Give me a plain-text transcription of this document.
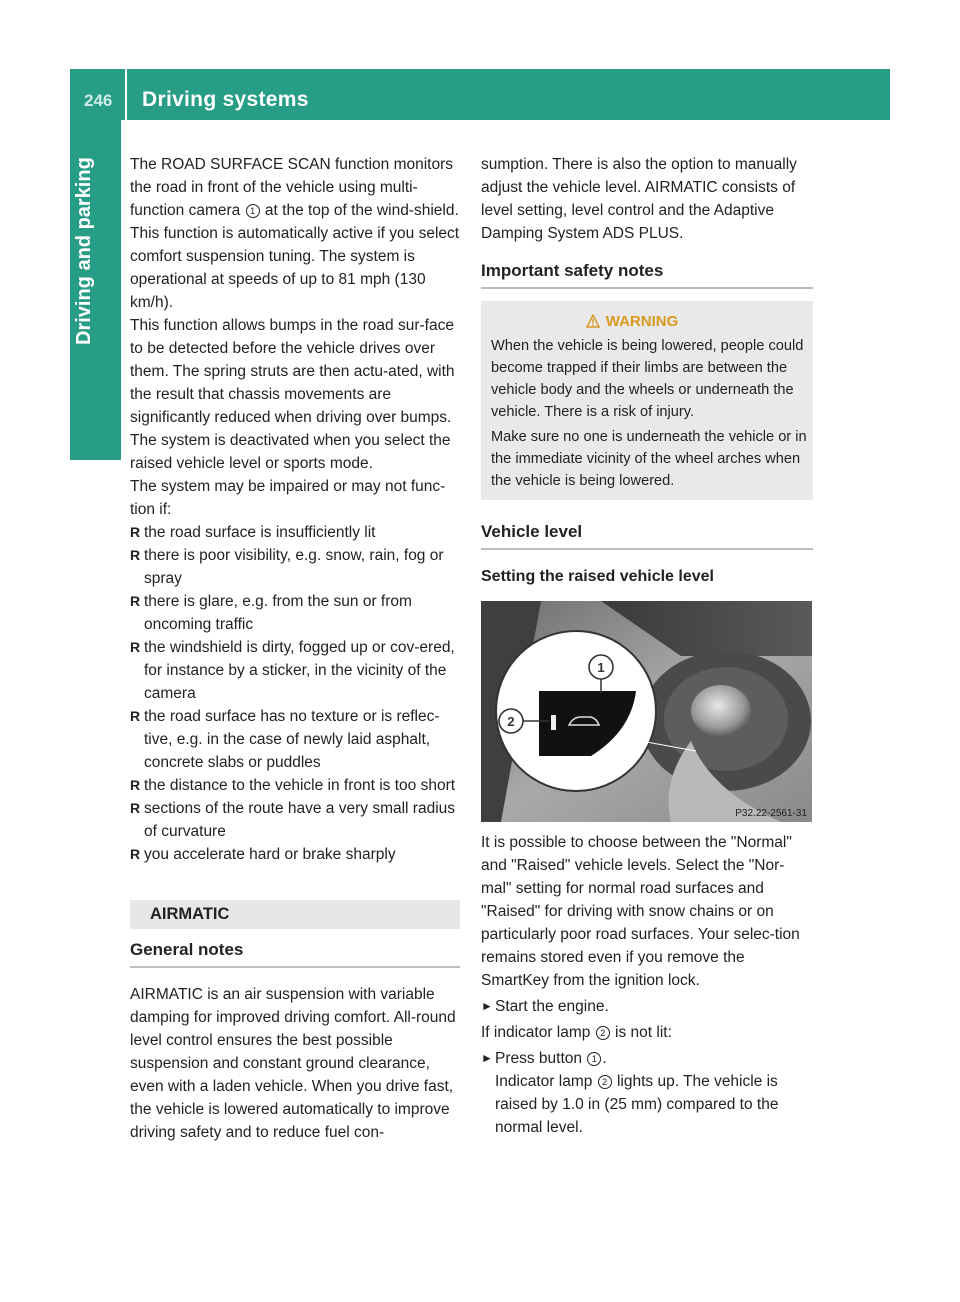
246 Driving systems
Driving and parking The ROAD SURFACE SCAN function monitors the road in front of the vehicle using multi-function camera 1 at the top of the wind-shield. This function is automatically active if you select comfort suspension tuning. The system is operational at speeds of up to 81 mph (130 km/h).

This function allows bumps in the road sur-face to be detected before the vehicle drives over them. The spring struts are then actu-ated, with the result that chassis movements are significantly reduced when driving over bumps.

The system is deactivated when you select the raised vehicle level or sports mode.

The system may be impaired or may not func-tion if:

R the road surface is insufficiently lit
R there is poor visibility, e.g. snow, rain, fog or spray
R there is glare, e.g. from the sun or from oncoming traffic
R the windshield is dirty, fogged up or cov-ered, for instance by a sticker, in the vicinity of the camera
R the road surface has no texture or is reflec-tive, e.g. in the case of newly laid asphalt, concrete slabs or puddles
R the distance to the vehicle in front is too short
R sections of the route have a very small radius of curvature
R you accelerate hard or brake sharply
AIRMATIC
General notes

AIRMATIC is an air suspension with variable damping for improved driving comfort. All-round level control ensures the best possible suspension and constant ground clearance, even with a laden vehicle. When you drive fast, the vehicle is lowered automatically to improve driving safety and to reduce fuel con-

sumption. There is also the option to manually adjust the vehicle level. AIRMATIC consists of level setting, level control and the Adaptive Damping System ADS PLUS.

Important safety notes
WARNING

When the vehicle is being lowered, people could become trapped if their limbs are between the vehicle body and the wheels or underneath the vehicle. There is a risk of injury.

Make sure no one is underneath the vehicle or in the immediate vicinity of the wheel arches when the vehicle is being lowered.

Vehicle level
Setting the raised vehicle level
1
2
P32.22-2561-31

It is possible to choose between the "Normal" and "Raised" vehicle levels. Select the "Nor-mal" setting for normal road surfaces and "Raised" for driving with snow chains or on particularly poor road surfaces. Your selec-tion remains stored even if you remove the SmartKey from the ignition lock.

► Start the engine.

If indicator lamp 2 is not lit:

► Press button 1 .
Indicator lamp 2 lights up. The vehicle is raised by 1.0 in (25 mm) compared to the normal level.
